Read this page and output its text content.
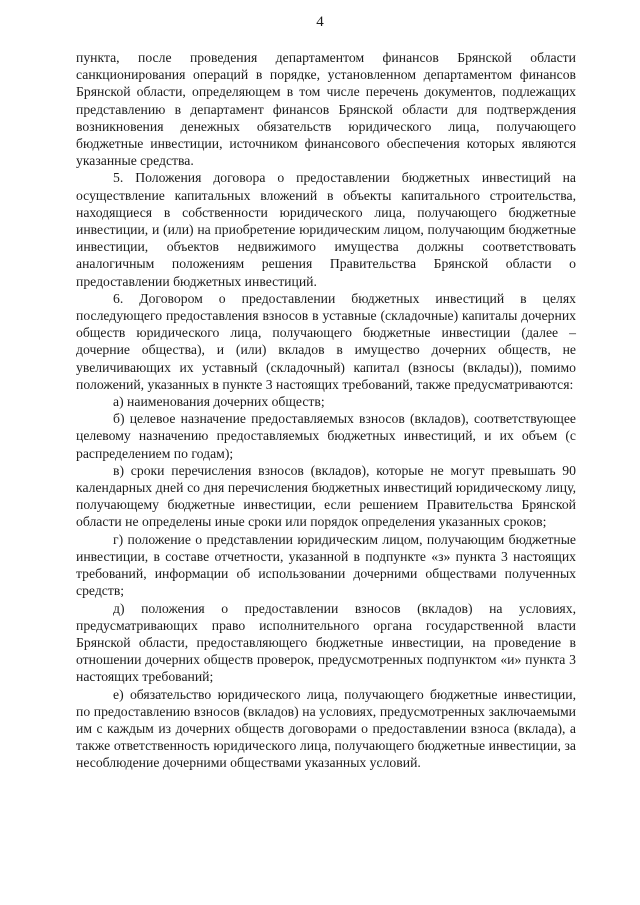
4

пункта, после проведения департаментом финансов Брянской области санкционирования операций в порядке, установленном департаментом финансов Брянской области, определяющем в том числе перечень документов, подлежащих представлению в департамент финансов Брянской области для подтверждения возникновения денежных обязательств юридического лица, получающего бюджетные инвестиции, источником финансового обеспечения которых являются указанные средства.

5. Положения договора о предоставлении бюджетных инвестиций на осуществление капитальных вложений в объекты капитального строительства, находящиеся в собственности юридического лица, получающего бюджетные инвестиции, и (или) на приобретение юридическим лицом, получающим бюджетные инвестиции, объектов недвижимого имущества должны соответствовать аналогичным положениям решения Правительства Брянской области о предоставлении бюджетных инвестиций.

6. Договором о предоставлении бюджетных инвестиций в целях последующего предоставления взносов в уставные (складочные) капиталы дочерних обществ юридического лица, получающего бюджетные инвестиции (далее – дочерние общества), и (или) вкладов в имущество дочерних обществ, не увеличивающих их уставный (складочный) капитал (взносы (вклады)), помимо положений, указанных в пункте 3 настоящих требований, также предусматриваются:

а) наименования дочерних обществ;

б) целевое назначение предоставляемых взносов (вкладов), соответствующее целевому назначению предоставляемых бюджетных инвестиций, и их объем (с распределением по годам);

в) сроки перечисления взносов (вкладов), которые не могут превышать 90 календарных дней со дня перечисления бюджетных инвестиций юридическому лицу, получающему бюджетные инвестиции, если решением Правительства Брянской области не определены иные сроки или порядок определения указанных сроков;

г) положение о представлении юридическим лицом, получающим бюджетные инвестиции, в составе отчетности, указанной в подпункте «з» пункта 3 настоящих требований, информации об использовании дочерними обществами полученных средств;

д) положения о предоставлении взносов (вкладов) на условиях, предусматривающих право исполнительного органа государственной власти Брянской области, предоставляющего бюджетные инвестиции, на проведение в отношении дочерних обществ проверок, предусмотренных подпунктом «и» пункта 3 настоящих требований;

е) обязательство юридического лица, получающего бюджетные инвестиции, по предоставлению взносов (вкладов) на условиях, предусмотренных заключаемыми им с каждым из дочерних обществ договорами о предоставлении взноса (вклада), а также ответственность юридического лица, получающего бюджетные инвестиции, за несоблюдение дочерними обществами указанных условий.
